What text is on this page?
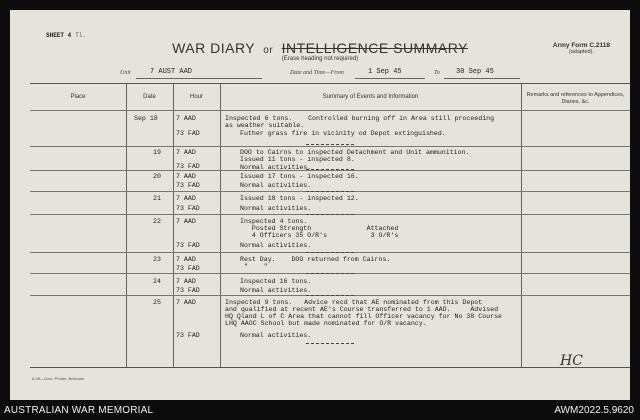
SHEET 4 Tl.
WAR DIARY or INTELLIGENCE SUMMARY
(Erase heading not required)
Army Form C.2118
(adapted).
Unit	7 AUST AAD	Date and Time—From	1 Sep 45	To 30 Sep 45
Place	Date	Hour	Summary of Events and Information	Remarks and references to Appendices, Diaries, &c.
Sep 18	7 AAD	Inspected 6 tons.    Controlled burning off in Area still proceeding
as weather suitable.
73 FAD	Futher grass fire in vicinity od Depot extinguished.
19 7 AAD	DOO to Cairns to inspected Detachment and Unit ammunition.
Issued 11 tons - inspected 8.
73 FAD	Normal activities.
20 7 AAD	Issued 17 tons - inspected 16.
73 FAD	Normal activities.
21 7 AAD	Issued 18 tons - inspected 12.
73 FAD	Normal activities.
22 7 AAD	Inspected 4 tons.
Posted Strength              Attached
4 Officers 35 O/R's           3 O/R's
73 FAD	Normal activities.
23 7 AAD	Rest Day.    DOO returned from Cairns.
"    "
73 FAD
24 7 AAD	Inspected 16 tons.
73 FAD	Normal activities.
25 7 AAD	Inspected 9 tons.   Advice recd that AE nominated from this Depot
and qualified at recent AE's Course transferred to 1 AAD.     Advised
HQ Qland L of C Area that cannot fill Officer vacancy for No 38 Course
LHQ AAOC School but made nominated for O/R vacancy.
73 FAD	Normal activities.
HC
6-45—Govt. Printer, Brisbane
AUSTRALIAN WAR MEMORIAL	AWM2022.5.9620
